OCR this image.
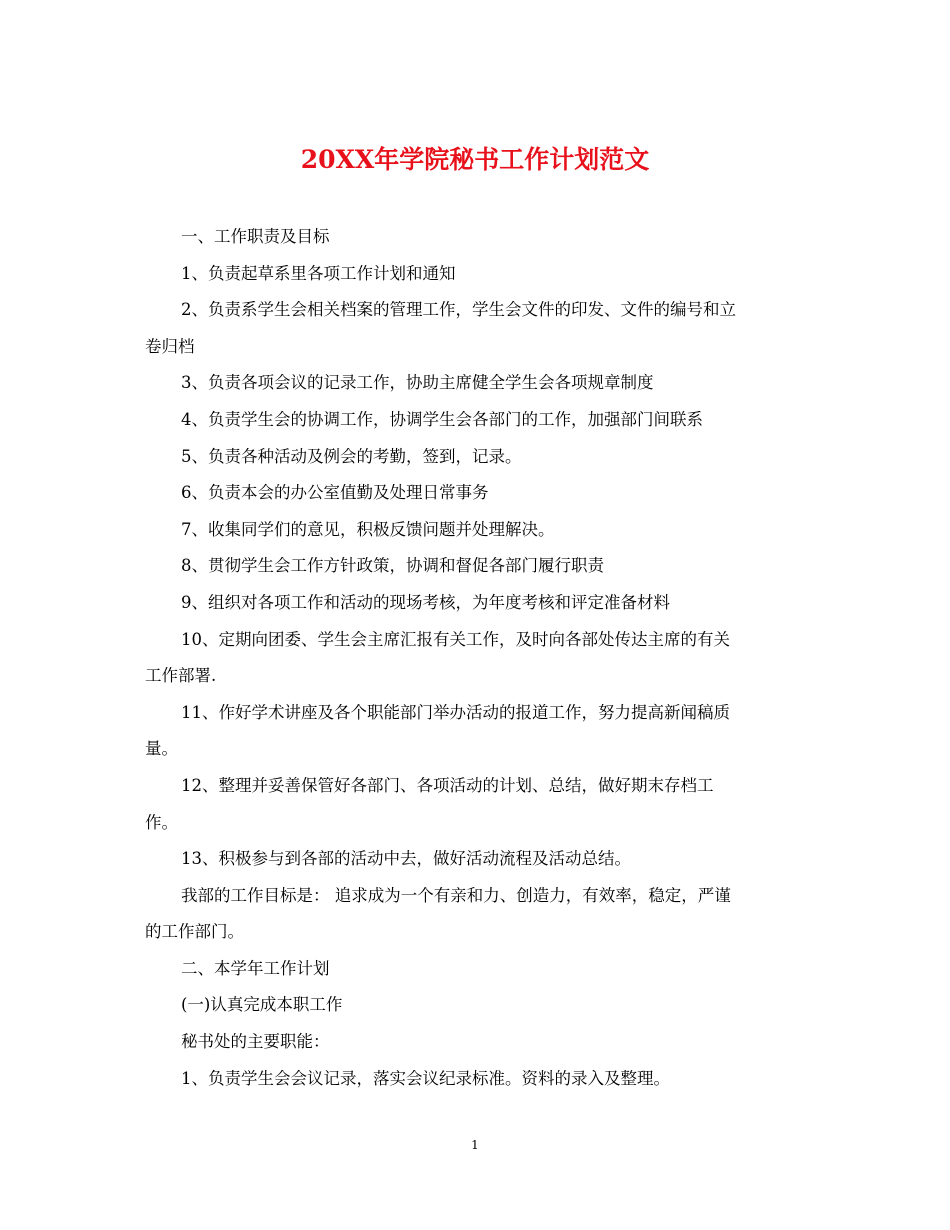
20XX年学院秘书工作计划范文

一、工作职责及目标

1、负责起草系里各项工作计划和通知

2、负责系学生会相关档案的管理工作，学生会文件的印发、文件的编号和立
卷归档

3、负责各项会议的记录工作，协助主席健全学生会各项规章制度

4、负责学生会的协调工作，协调学生会各部门的工作，加强部门间联系

5、负责各种活动及例会的考勤，签到，记录。

6、负责本会的办公室值勤及处理日常事务

7、收集同学们的意见，积极反馈问题并处理解决。

8、贯彻学生会工作方针政策，协调和督促各部门履行职责

9、组织对各项工作和活动的现场考核，为年度考核和评定准备材料

10、定期向团委、学生会主席汇报有关工作，及时向各部处传达主席的有关
工作部署.

11、作好学术讲座及各个职能部门举办活动的报道工作，努力提高新闻稿质
量。

12、整理并妥善保管好各部门、各项活动的计划、总结，做好期末存档工
作。

13、积极参与到各部的活动中去，做好活动流程及活动总结。

我部的工作目标是： 追求成为一个有亲和力、创造力，有效率，稳定，严谨
的工作部门。

二、本学年工作计划

(一)认真完成本职工作

秘书处的主要职能：

1、负责学生会会议记录，落实会议纪录标准。资料的录入及整理。

1
